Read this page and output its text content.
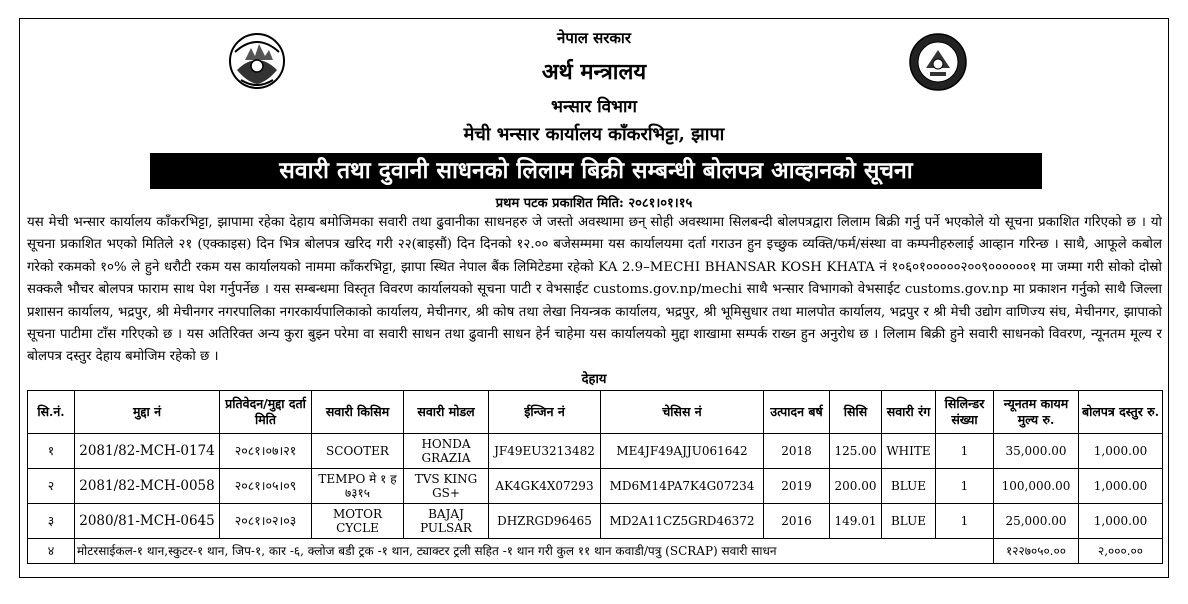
नेपाल सरकार
अर्थ मन्त्रालय
भन्सार विभाग
मेची भन्सार कार्यालय काँकरभिट्टा, झापा
सवारी तथा दुवानी साधनको लिलाम बिक्री सम्बन्धी बोलपत्र आव्हानको सूचना
प्रथम पटक प्रकाशित मिति: २०८१।०१।१५
यस मेची भन्सार कार्यालय काँकरभिट्टा, झापामा रहेका देहाय बमोजिमका सवारी तथा ढुवानीका साधनहरु जे जस्तो अवस्थामा छन् सोही अवस्थामा सिलबन्दी बोलपत्रद्वारा लिलाम बिक्री गर्नु पर्ने भएकोले यो सूचना प्रकाशित गरिएको छ । यो सूचना प्रकाशित भएको मितिले २१ (एक्काइस) दिन भित्र बोलपत्र खरिद गरी २२(बाइसौं) दिन दिनको १२.०० बजेसम्ममा यस कार्यालयमा दर्ता गराउन हुन इच्छुक व्यक्ति/फर्म/संस्था वा कम्पनीहरुलाई आव्हान गरिन्छ । साथै, आफूले कबोल गरेको रकमको १०% ले हुने धरौटी रकम यस कार्यालयको नाममा काँकरभिट्टा, झापा स्थित नेपाल बैंक लिमिटेडमा रहेको KA 2.9–MECHI BHANSAR KOSH KHATA नं १०६०१०००००२००९००००००१ मा जम्मा गरी सोको दोस्रो सक्कलै भौचर बोलपत्र फाराम साथ पेश गर्नुपर्नेछ । यस सम्बन्धमा विस्तृत विवरण कार्यालयको सूचना पाटी र वेभसाईट customs.gov.np/mechi साथै भन्सार विभागको वेभसाईट customs.gov.np मा प्रकाशन गर्नुको साथै जिल्ला प्रशासन कार्यालय, भद्रपुर, श्री मेचीनगर नगरपालिका नगरकार्यपालिकाको कार्यालय, मेचीनगर, श्री कोष तथा लेखा नियन्त्रक कार्यालय, भद्रपुर, श्री भूमिसुधार तथा मालपोत कार्यालय, भद्रपुर र श्री मेची उद्योग वाणिज्य संघ, मेचीनगर, झापाको सूचना पाटीमा टाँस गरिएको छ । यस अतिरिक्त अन्य कुरा बुझ्न परेमा वा सवारी साधन तथा ढुवानी साधन हेर्न चाहेमा यस कार्यालयको मुद्दा शाखामा सम्पर्क राख्न हुन अनुरोध छ । लिलाम बिक्री हुने सवारी साधनको विवरण, न्यूनतम मूल्य र बोलपत्र दस्तुर देहाय बमोजिम रहेको छ ।
देहाय
सि.नं.	मुद्दा नं	प्रतिवेदन/मुद्दा दर्ता मिति	सवारी किसिम	सवारी मोडल	ईन्जिन नं	चेसिस नं	उत्पादन बर्ष	सिसि	सवारी रंग	सिलिन्डर संख्या	न्यूनतम कायम मुल्य रु.	बोलपत्र दस्तुर रु.
१	2081/82-MCH-0174	२०८१।०७।२१	SCOOTER	HONDA GRAZIA	JF49EU3213482	ME4JF49AJJU061642	2018	125.00	WHITE	1	35,000.00	1,000.00
२	2081/82-MCH-0058	२०८१।०५।०९	TEMPO मे १ ह ७३१५	TVS KING GS+	AK4GK4X07293	MD6M14PA7K4G07234	2019	200.00	BLUE	1	100,000.00	1,000.00
३	2080/81-MCH-0645	२०८१।०२।०३	MOTOR CYCLE	BAJAJ PULSAR	DHZRGD96465	MD2A11CZ5GRD46372	2016	149.01	BLUE	1	25,000.00	1,000.00
४	मोटरसाईकल-१ थान,स्कुटर-१ थान, जिप-१, कार -६, क्लोज बडी ट्रक -१ थान, ट्याक्टर ट्रली सहित -१ थान गरी कुल ११ थान कवाडी/पत्रु (SCRAP) सवारी साधन										१२२७०५०.००	२,०००.००
